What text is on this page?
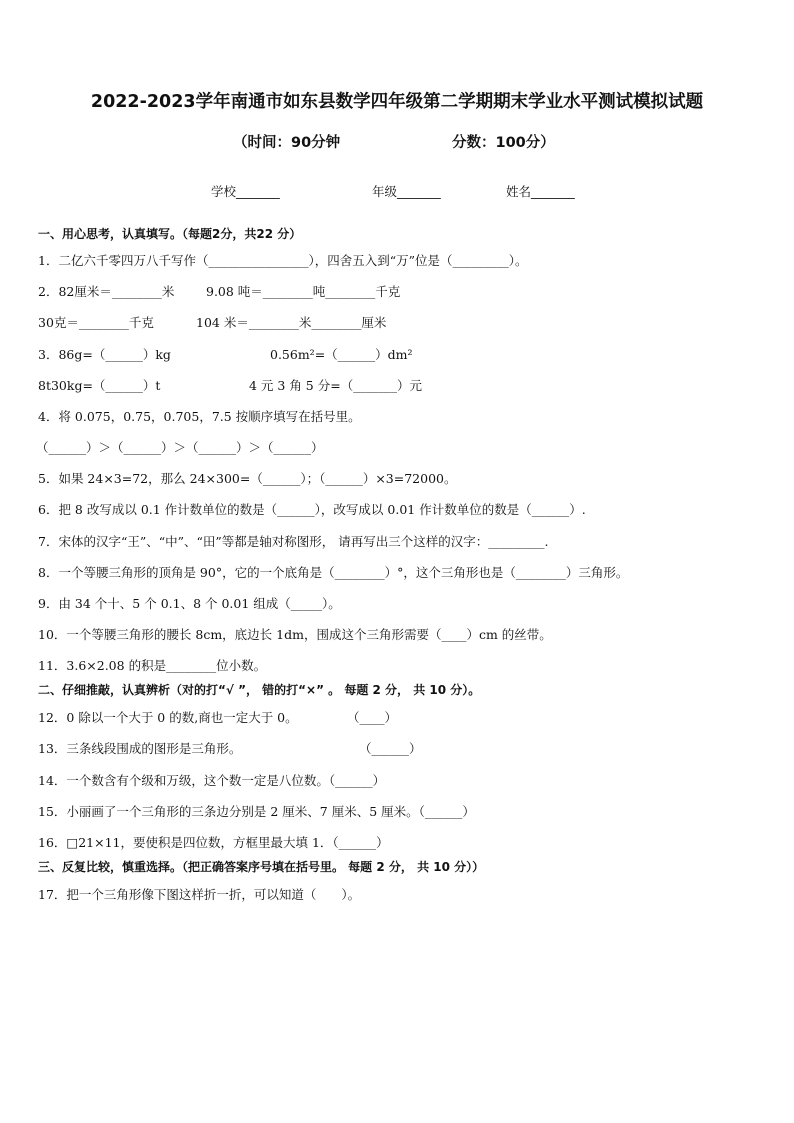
2022-2023学年南通市如东县数学四年级第二学期期末学业水平测试模拟试题
（时间：90分钟	分数：100分）
学校_______	年级_______	姓名_______
一、用心思考，认真填写。（每题2分，共22 分）
1．二亿六千零四万八千写作（________________），四舍五入到“万”位是（_________）。
2．82厘米＝________米	9.08 吨＝________吨________千克
30克＝________千克	104 米＝________米________厘米
3．86g=（______）kg	0.56m²=（______）dm²
8t30kg=（______）t	4 元 3 角 5 分=（_______）元
4．将 0.075，0.75，0.705，7.5 按顺序填写在括号里。
（______）＞（______）＞（______）＞（______）
5．如果 24×3=72，那么 24×300=（______）；（______）×3=72000。
6．把 8 改写成以 0.1 作计数单位的数是（______），改写成以 0.01 作计数单位的数是（______）.
7．宋体的汉字“王”、“中”、“田”等都是轴对称图形， 请再写出三个这样的汉字：_________.
8．一个等腰三角形的顶角是 90°，它的一个底角是（________）°，这个三角形也是（________）三角形。
9．由 34 个十、5 个 0.1、8 个 0.01 组成（_____）。
10．一个等腰三角形的腰长 8cm，底边长 1dm，围成这个三角形需要（____）cm 的丝带。
11．3.6×2.08 的积是________位小数。
二、仔细推敲，认真辨析（对的打“√ ”， 错的打“×” 。 每题 2 分， 共 10 分）。
12．0 除以一个大于 0 的数,商也一定大于 0。	（____）
13．三条线段围成的图形是三角形。	（______）
14．一个数含有个级和万级，这个数一定是八位数。（______）
15．小丽画了一个三角形的三条边分别是 2 厘米、7 厘米、5 厘米。（______）
16．□21×11，要使积是四位数，方框里最大填 1．（______）
三、反复比较，慎重选择。（把正确答案序号填在括号里。 每题 2 分， 共 10 分））
17．把一个三角形像下图这样折一折，可以知道（　　）。
